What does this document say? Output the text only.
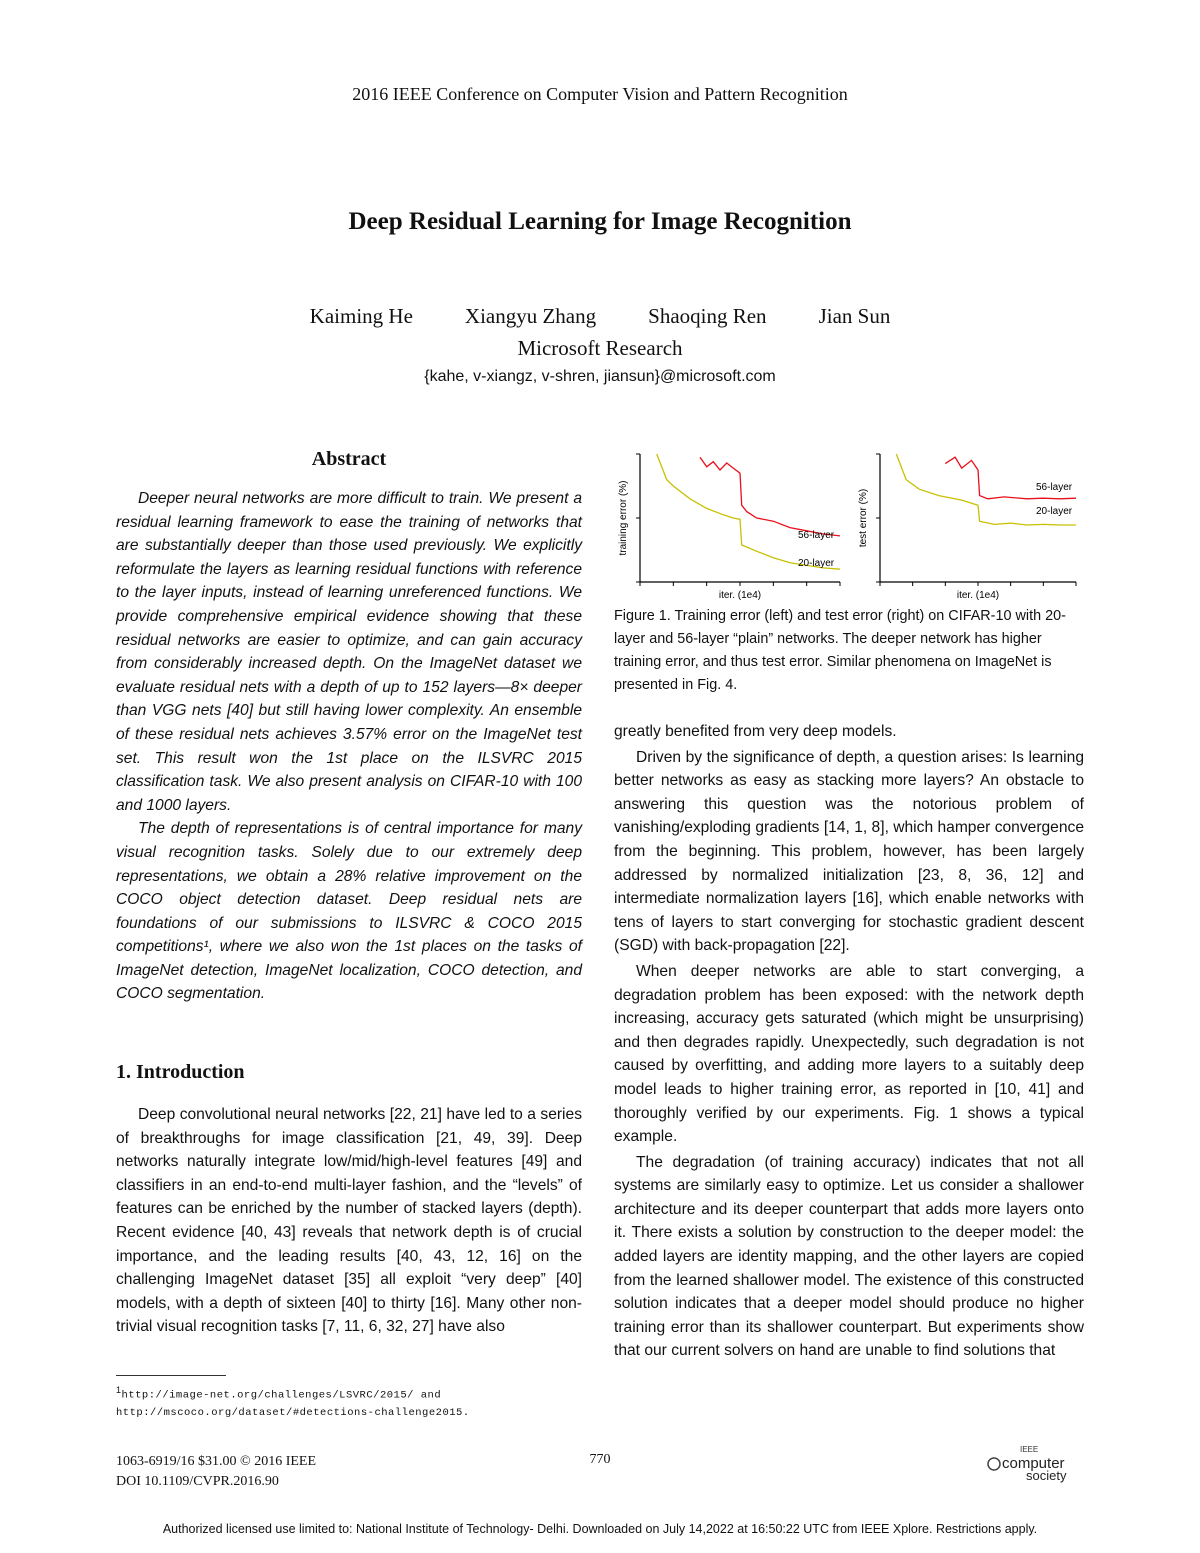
2016 IEEE Conference on Computer Vision and Pattern Recognition
Deep Residual Learning for Image Recognition
Kaiming He Xiangyu Zhang Shaoqing Ren Jian Sun
Microsoft Research
{kahe, v-xiangz, v-shren, jiansun}@microsoft.com
Abstract

Deeper neural networks are more difficult to train. We present a residual learning framework to ease the training of networks that are substantially deeper than those used previously. We explicitly reformulate the layers as learning residual functions with reference to the layer inputs, instead of learning unreferenced functions. We provide comprehensive empirical evidence showing that these residual networks are easier to optimize, and can gain accuracy from considerably increased depth. On the ImageNet dataset we evaluate residual nets with a depth of up to 152 layers—8× deeper than VGG nets [40] but still having lower complexity. An ensemble of these residual nets achieves 3.57% error on the ImageNet test set. This result won the 1st place on the ILSVRC 2015 classification task. We also present analysis on CIFAR-10 with 100 and 1000 layers.

The depth of representations is of central importance for many visual recognition tasks. Solely due to our extremely deep representations, we obtain a 28% relative improvement on the COCO object detection dataset. Deep residual nets are foundations of our submissions to ILSVRC & COCO 2015 competitions¹, where we also won the 1st places on the tasks of ImageNet detection, ImageNet localization, COCO detection, and COCO segmentation.

1. Introduction

Deep convolutional neural networks [22, 21] have led to a series of breakthroughs for image classification [21, 49, 39]. Deep networks naturally integrate low/mid/high-level features [49] and classifiers in an end-to-end multi-layer fashion, and the “levels” of features can be enriched by the number of stacked layers (depth). Recent evidence [40, 43] reveals that network depth is of crucial importance, and the leading results [40, 43, 12, 16] on the challenging ImageNet dataset [35] all exploit “very deep” [40] models, with a depth of sixteen [40] to thirty [16]. Many other non-trivial visual recognition tasks [7, 11, 6, 32, 27] have also

$^1$http://image-net.org/challenges/LSVRC/2015/ and http://mscoco.org/dataset/#detections-challenge2015.
56-layer
20-layer
iter. (1e4)
training error (%)	56-layer
20-layer
iter. (1e4)
test error (%)
Figure 1. Training error (left) and test error (right) on CIFAR-10 with 20-layer and 56-layer “plain” networks. The deeper network has higher training error, and thus test error. Similar phenomena on ImageNet is presented in Fig. 4.

greatly benefited from very deep models.

Driven by the significance of depth, a question arises: Is learning better networks as easy as stacking more layers? An obstacle to answering this question was the notorious problem of vanishing/exploding gradients [14, 1, 8], which hamper convergence from the beginning. This problem, however, has been largely addressed by normalized initialization [23, 8, 36, 12] and intermediate normalization layers [16], which enable networks with tens of layers to start converging for stochastic gradient descent (SGD) with back-propagation [22].

When deeper networks are able to start converging, a degradation problem has been exposed: with the network depth increasing, accuracy gets saturated (which might be unsurprising) and then degrades rapidly. Unexpectedly, such degradation is not caused by overfitting, and adding more layers to a suitably deep model leads to higher training error, as reported in [10, 41] and thoroughly verified by our experiments. Fig. 1 shows a typical example.

The degradation (of training accuracy) indicates that not all systems are similarly easy to optimize. Let us consider a shallower architecture and its deeper counterpart that adds more layers onto it. There exists a solution by construction to the deeper model: the added layers are identity mapping, and the other layers are copied from the learned shallower model. The existence of this constructed solution indicates that a deeper model should produce no higher training error than its shallower counterpart. But experiments show that our current solvers on hand are unable to find solutions that

1063-6919/16 $31.00 © 2016 IEEE
DOI 10.1109/CVPR.2016.90
770
IEEE
computer
society
Authorized licensed use limited to: National Institute of Technology- Delhi. Downloaded on July 14,2022 at 16:50:22 UTC from IEEE Xplore. Restrictions apply.
